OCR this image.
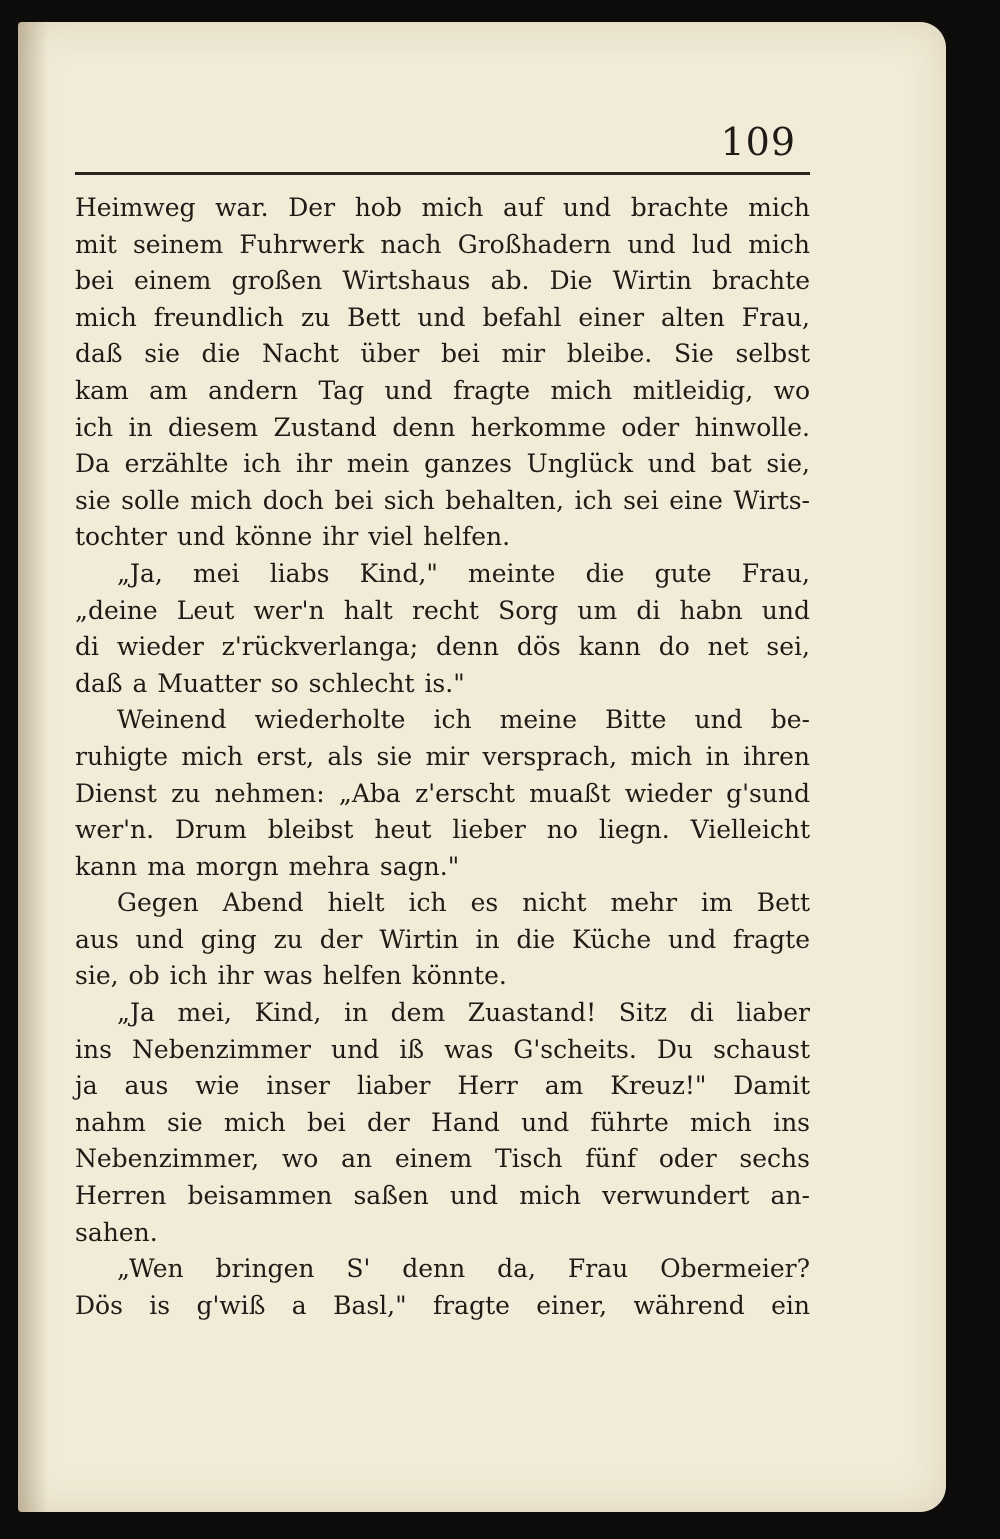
109
Heimweg war. Der hob mich auf und brachte mich
mit seinem Fuhrwerk nach Großhadern und lud mich
bei einem großen Wirtshaus ab. Die Wirtin brachte
mich freundlich zu Bett und befahl einer alten Frau,
daß sie die Nacht über bei mir bleibe. Sie selbst
kam am andern Tag und fragte mich mitleidig, wo
ich in diesem Zustand denn herkomme oder hinwolle.
Da erzählte ich ihr mein ganzes Unglück und bat sie,
sie solle mich doch bei sich behalten, ich sei eine Wirts-
tochter und könne ihr viel helfen.
„Ja, mei liabs Kind," meinte die gute Frau,
„deine Leut wer'n halt recht Sorg um di habn und
di wieder z'rückverlanga; denn dös kann do net sei,
daß a Muatter so schlecht is."
Weinend wiederholte ich meine Bitte und be-
ruhigte mich erst, als sie mir versprach, mich in ihren
Dienst zu nehmen: „Aba z'erscht muaßt wieder g'sund
wer'n. Drum bleibst heut lieber no liegn. Vielleicht
kann ma morgn mehra sagn."
Gegen Abend hielt ich es nicht mehr im Bett
aus und ging zu der Wirtin in die Küche und fragte
sie, ob ich ihr was helfen könnte.
„Ja mei, Kind, in dem Zuastand! Sitz di liaber
ins Nebenzimmer und iß was G'scheits. Du schaust
ja aus wie inser liaber Herr am Kreuz!" Damit
nahm sie mich bei der Hand und führte mich ins
Nebenzimmer, wo an einem Tisch fünf oder sechs
Herren beisammen saßen und mich verwundert an-
sahen.
„Wen bringen S' denn da, Frau Obermeier?
Dös is g'wiß a Basl," fragte einer, während ein
